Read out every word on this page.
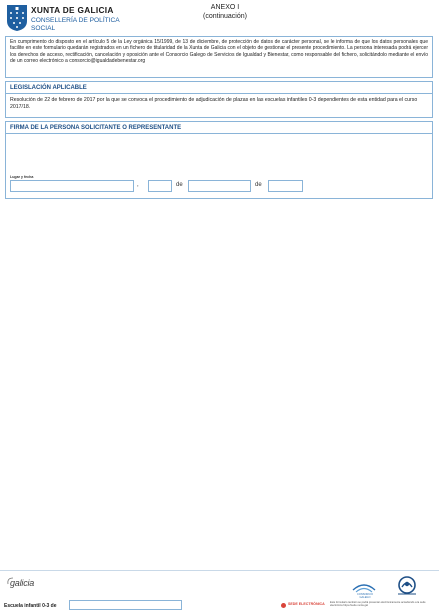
XUNTA DE GALICIA
CONSELLERÍA DE POLÍTICA
SOCIAL
ANEXO I
(continuación)
En cumprimento do disposto en el artículo 5 de la Ley orgánica 15/1999, de 13 de diciembre, de protección de datos de carácter personal, se le informa de que los datos personales que facilite en este formulario quedarán registrados en un fichero de titularidad de la Xunta de Galicia con el objeto de gestionar el presente procedimiento. La persona interesada podrá ejercer los derechos de acceso, rectificación, cancelación y oposición ante el Consorcio Galego de Servicios de Igualdad y Bienestar, como responsable del fichero, solicitándolo mediante el envío de un correo electrónico a consorcio@igualdadebenestar.org
LEGISLACIÓN APLICABLE
Resolución de 22 de febrero de 2017 por la que se convoca el procedimiento de adjudicación de plazas en las escuelas infantiles 0-3 dependientes de esta entidad para el curso 2017/18.
FIRMA DE LA PERSONA SOLICITANTE O REPRESENTANTE
Lugar y fecha
,	de	de
galicia
CONSORCIO GALEGO
Escuela infantil 0-3 de	SEDE ELECTRÓNICA Este formulario también se podrá presentar electrónicamente accediendo a la sede electrónica https://sede.xunta.gal
